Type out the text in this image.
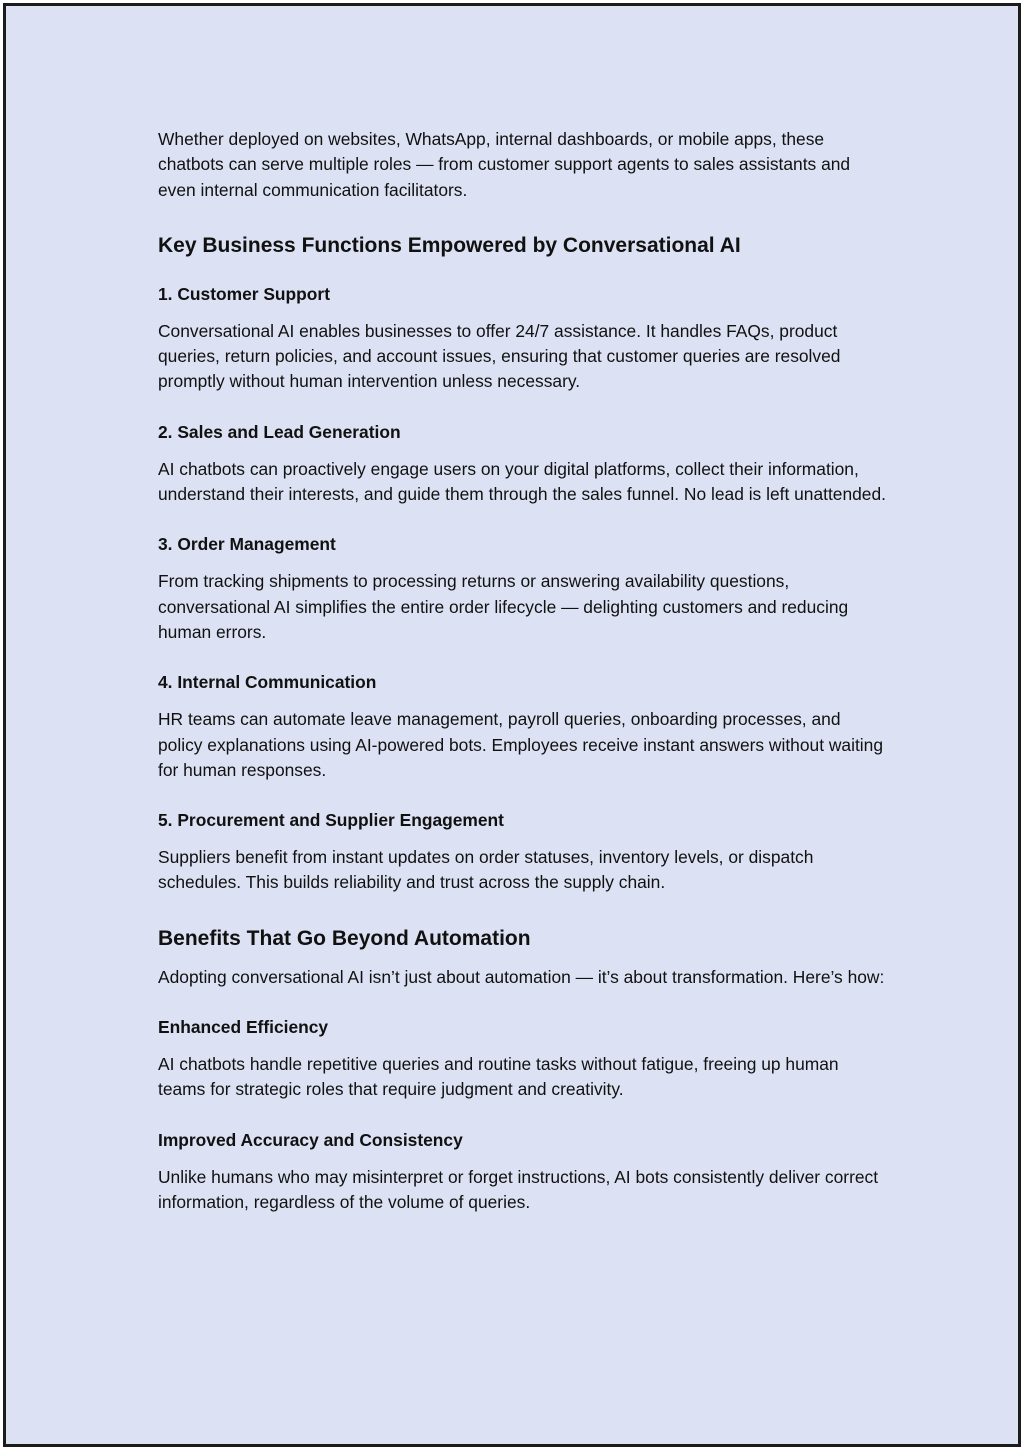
Whether deployed on websites, WhatsApp, internal dashboards, or mobile apps, these chatbots can serve multiple roles — from customer support agents to sales assistants and even internal communication facilitators.

Key Business Functions Empowered by Conversational AI
1. Customer Support

Conversational AI enables businesses to offer 24/7 assistance. It handles FAQs, product queries, return policies, and account issues, ensuring that customer queries are resolved promptly without human intervention unless necessary.

2. Sales and Lead Generation

AI chatbots can proactively engage users on your digital platforms, collect their information, understand their interests, and guide them through the sales funnel. No lead is left unattended.

3. Order Management

From tracking shipments to processing returns or answering availability questions, conversational AI simplifies the entire order lifecycle — delighting customers and reducing human errors.

4. Internal Communication

HR teams can automate leave management, payroll queries, onboarding processes, and policy explanations using AI-powered bots. Employees receive instant answers without waiting for human responses.

5. Procurement and Supplier Engagement

Suppliers benefit from instant updates on order statuses, inventory levels, or dispatch schedules. This builds reliability and trust across the supply chain.

Benefits That Go Beyond Automation

Adopting conversational AI isn’t just about automation — it’s about transformation. Here’s how:

Enhanced Efficiency

AI chatbots handle repetitive queries and routine tasks without fatigue, freeing up human teams for strategic roles that require judgment and creativity.

Improved Accuracy and Consistency

Unlike humans who may misinterpret or forget instructions, AI bots consistently deliver correct information, regardless of the volume of queries.
